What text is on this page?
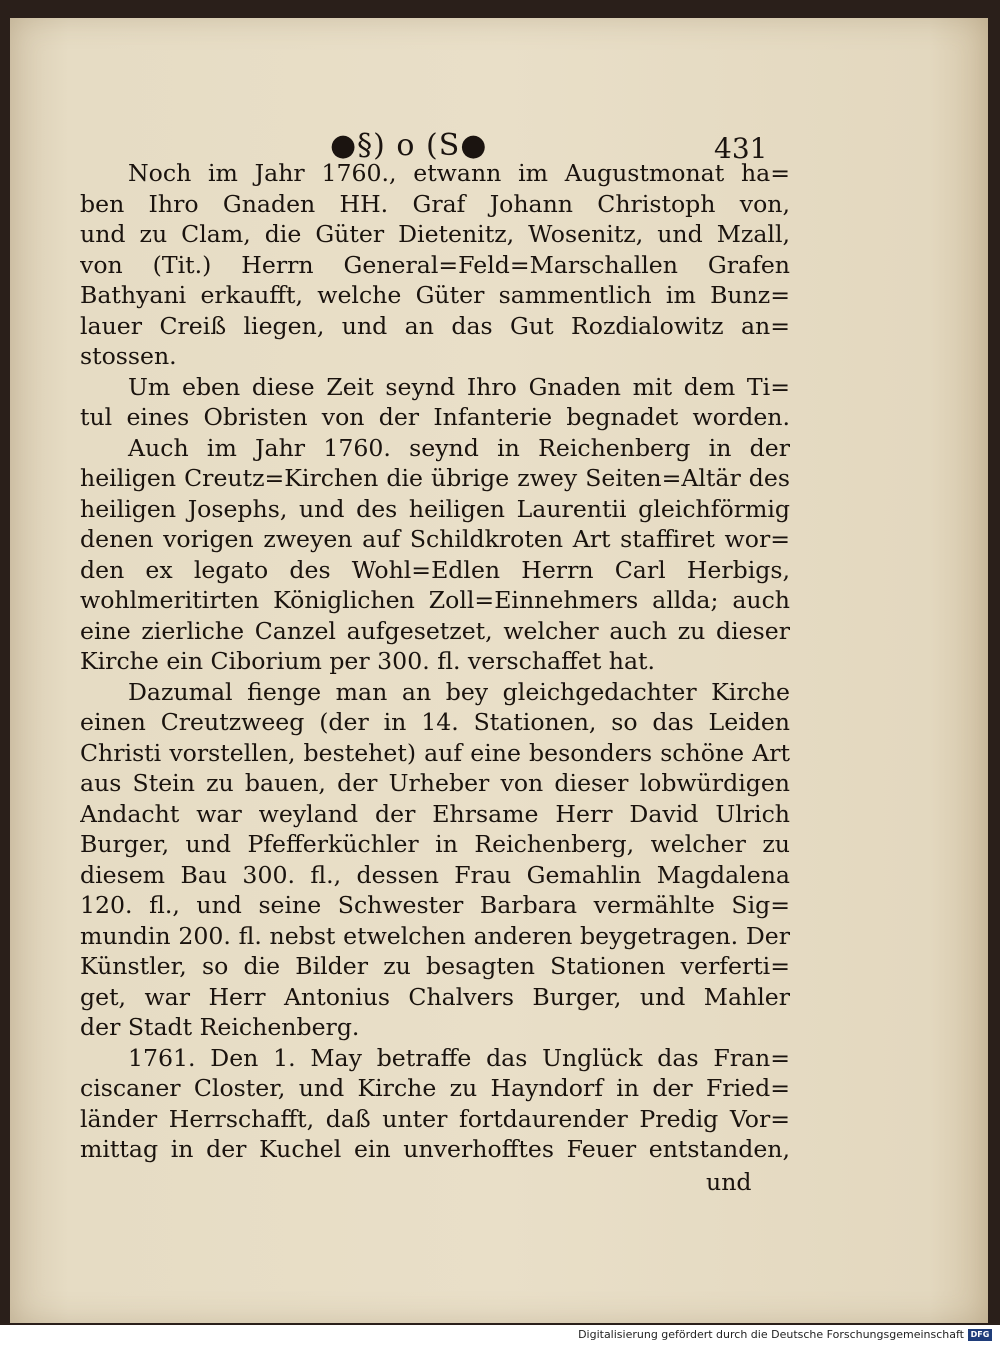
●§) o (S●	431
Noch im Jahr 1760., etwann im Augustmonat ha=
ben Ihro Gnaden HH. Graf Johann Christoph von,
und zu Clam, die Güter Dietenitz, Wosenitz, und Mzall,
von (Tit.) Herrn General=Feld=Marschallen Grafen
Bathyani erkaufft, welche Güter sammentlich im Bunz=
lauer Creiß liegen, und an das Gut Rozdialowitz an=
stossen.
Um eben diese Zeit seynd Ihro Gnaden mit dem Ti=
tul eines Obristen von der Infanterie begnadet worden.
Auch im Jahr 1760. seynd in Reichenberg in der
heiligen Creutz=Kirchen die übrige zwey Seiten=Altär des
heiligen Josephs, und des heiligen Laurentii gleichförmig
denen vorigen zweyen auf Schildkroten Art staffiret wor=
den ex legato des Wohl=Edlen Herrn Carl Herbigs,
wohlmeritirten Königlichen Zoll=Einnehmers allda; auch
eine zierliche Canzel aufgesetzet, welcher auch zu dieser
Kirche ein Ciborium per 300. fl. verschaffet hat.
Dazumal fienge man an bey gleichgedachter Kirche
einen Creutzweeg (der in 14. Stationen, so das Leiden
Christi vorstellen, bestehet) auf eine besonders schöne Art
aus Stein zu bauen, der Urheber von dieser lobwürdigen
Andacht war weyland der Ehrsame Herr David Ulrich
Burger, und Pfefferküchler in Reichenberg, welcher zu
diesem Bau 300. fl., dessen Frau Gemahlin Magdalena
120. fl., und seine Schwester Barbara vermählte Sig=
mundin 200. fl. nebst etwelchen anderen beygetragen. Der
Künstler, so die Bilder zu besagten Stationen verferti=
get, war Herr Antonius Chalvers Burger, und Mahler
der Stadt Reichenberg.
1761. Den 1. May betraffe das Unglück das Fran=
ciscaner Closter, und Kirche zu Hayndorf in der Fried=
länder Herrschafft, daß unter fortdaurender Predig Vor=
mittag in der Kuchel ein unverhofftes Feuer entstanden,
und
Digitalisierung gefördert durch die Deutsche Forschungsgemeinschaft DFG
